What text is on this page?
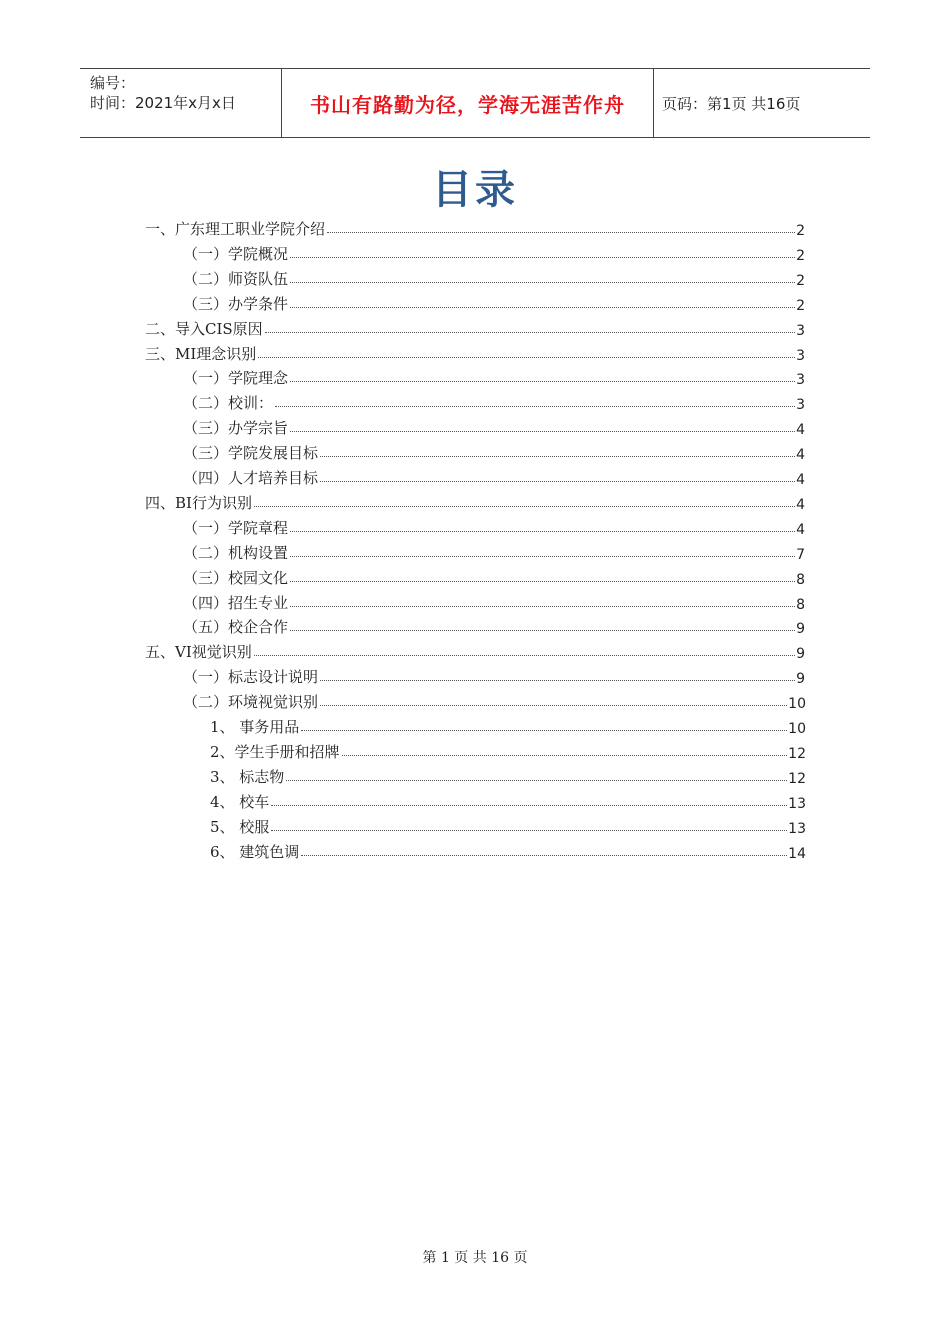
编号：
时间：2021年x月x日	书山有路勤为径，学海无涯苦作舟	页码：第1页 共16页
目录
一、广东理工职业学院介绍	2
（一）学院概况	2
（二）师资队伍	2
（三）办学条件	2
二、导入CIS原因	3
三、MI理念识别	3
（一）学院理念	3
（二）校训：	3
（三）办学宗旨	4
（三）学院发展目标	4
（四）人才培养目标	4
四、BI行为识别	4
（一）学院章程	4
（二）机构设置	7
（三）校园文化	8
（四）招生专业	8
（五）校企合作	9
五、VI视觉识别	9
（一）标志设计说明	9
（二）环境视觉识别	10
1、 事务用品	10
2、学生手册和招牌	12
3、 标志物	12
4、 校车	13
5、 校服	13
6、 建筑色调	14
第 1 页 共 16 页
